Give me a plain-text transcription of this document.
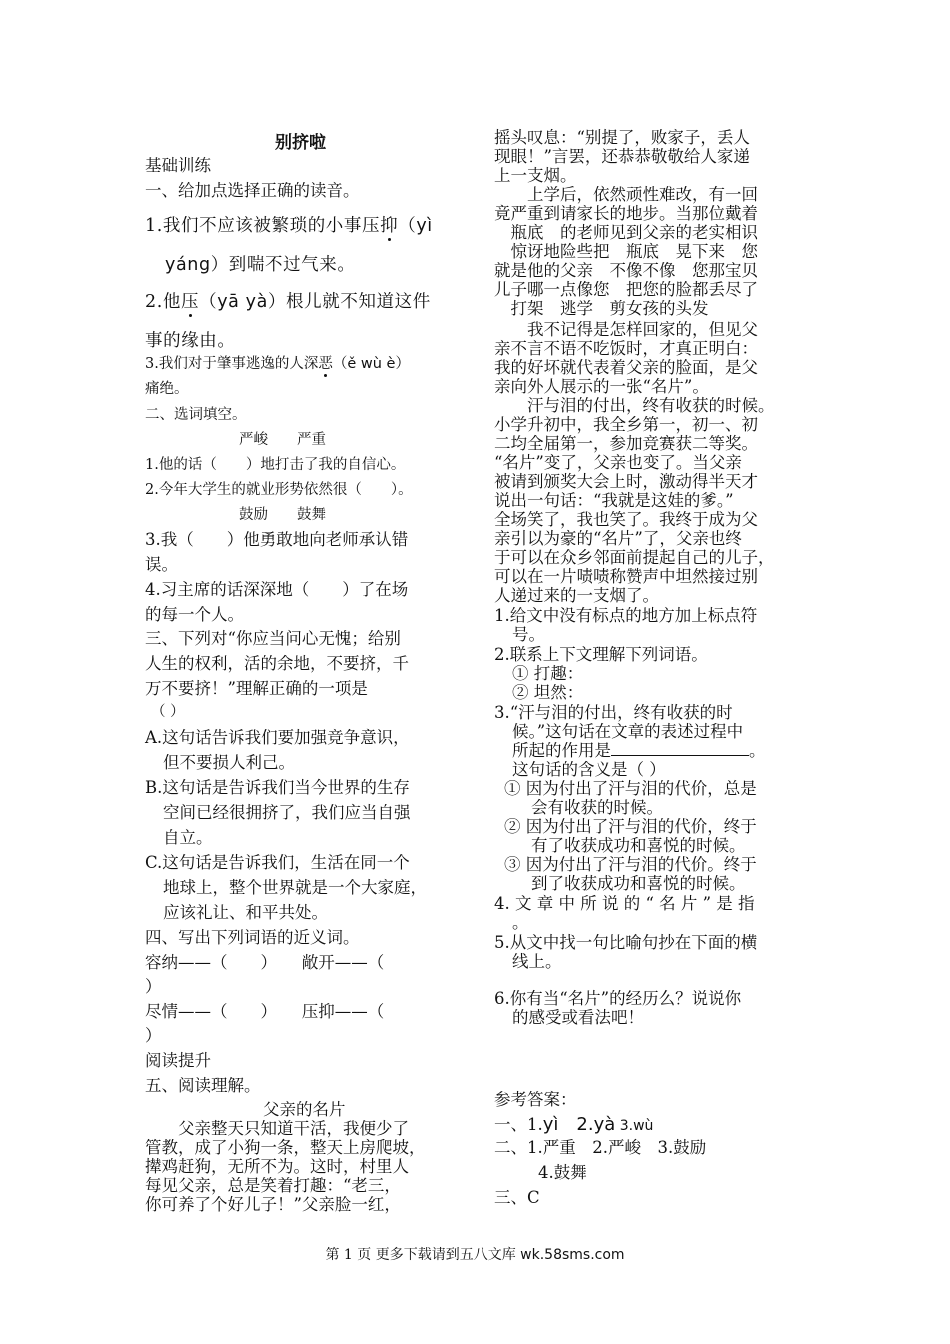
别挤啦
基础训练
一、给加点选择正确的读音。
1.我们不应该被繁琐的小事压抑（yì
yáng）到喘不过气来。
2.他压（yā yà）根儿就不知道这件
事的缘由。
3.我们对于肇事逃逸的人深恶（ě wù è）
痛绝。
二、选词填空。
严峻　　严重
1.他的话（　　）地打击了我的自信心。
2.今年大学生的就业形势依然很（　　）。
鼓励　　鼓舞
3.我（　　）他勇敢地向老师承认错
误。
4.习主席的话深深地（　　）了在场
的每一个人。
三、下列对“你应当问心无愧；给别
人生的权利，活的余地，不要挤，千
万不要挤！”理解正确的一项是
（ ）
A.这句话告诉我们要加强竞争意识，
但不要损人利己。
B.这句话是告诉我们当今世界的生存
空间已经很拥挤了，我们应当自强
自立。
C.这句话是告诉我们，生活在同一个
地球上，整个世界就是一个大家庭，
应该礼让、和平共处。
四、写出下列词语的近义词。
容纳——（　　）　　敞开——（
）
尽情——（　　）　　压抑——（
）
阅读提升
五、阅读理解。
父亲的名片
　　父亲整天只知道干活，我便少了
管教，成了小狗一条，整天上房爬坡，
撵鸡赶狗，无所不为。这时，村里人
每见父亲，总是笑着打趣：“老三，
你可养了个好儿子！”父亲脸一红，
摇头叹息：“别提了，败家子，丢人
现眼！”言罢，还恭恭敬敬给人家递
上一支烟。
　　上学后，依然顽性难改，有一回
竟严重到请家长的地步。当那位戴着
　瓶底　的老师见到父亲的老实相识
　惊讶地险些把　瓶底　晃下来　您
就是他的父亲　不像不像　您那宝贝
儿子哪一点像您　把您的脸都丢尽了
　打架　逃学　剪女孩的头发
　　我不记得是怎样回家的，但见父
亲不言不语不吃饭时，才真正明白：
我的好坏就代表着父亲的脸面，是父
亲向外人展示的一张“名片”。
　　汗与泪的付出，终有收获的时候。
小学升初中，我全乡第一，初一、初
二均全届第一，参加竞赛获二等奖。
“名片”变了，父亲也变了。当父亲
被请到颁奖大会上时，激动得半天才
说出一句话：“我就是这娃的爹。”
全场笑了，我也笑了。我终于成为父
亲引以为豪的“名片”了，父亲也终
于可以在众乡邻面前提起自己的儿子，
可以在一片啧啧称赞声中坦然接过别
人递过来的一支烟了。
1.给文中没有标点的地方加上标点符
号。
2.联系上下文理解下列词语。
① 打趣：
② 坦然：
3.“汗与泪的付出，终有收获的时
候。”这句话在文章的表述过程中
所起的作用是	。
这句话的含义是（ ）
① 因为付出了汗与泪的代价，总是
会有收获的时候。
② 因为付出了汗与泪的代价，终于
有了收获成功和喜悦的时候。
③ 因为付出了汗与泪的代价。终于
到了收获成功和喜悦的时候。
4. 文 章 中 所 说 的 “ 名 片 ” 是 指
。
5.从文中找一句比喻句抄在下面的横
线上。
6.你有当“名片”的经历么？说说你
的感受或看法吧！
参考答案：
一、1.yì　2.yà 3.wù
二、1.严重　2.严峻　3.鼓励
4.鼓舞
三、C
第 1 页 更多下载请到五八文库 wk.58sms.com
